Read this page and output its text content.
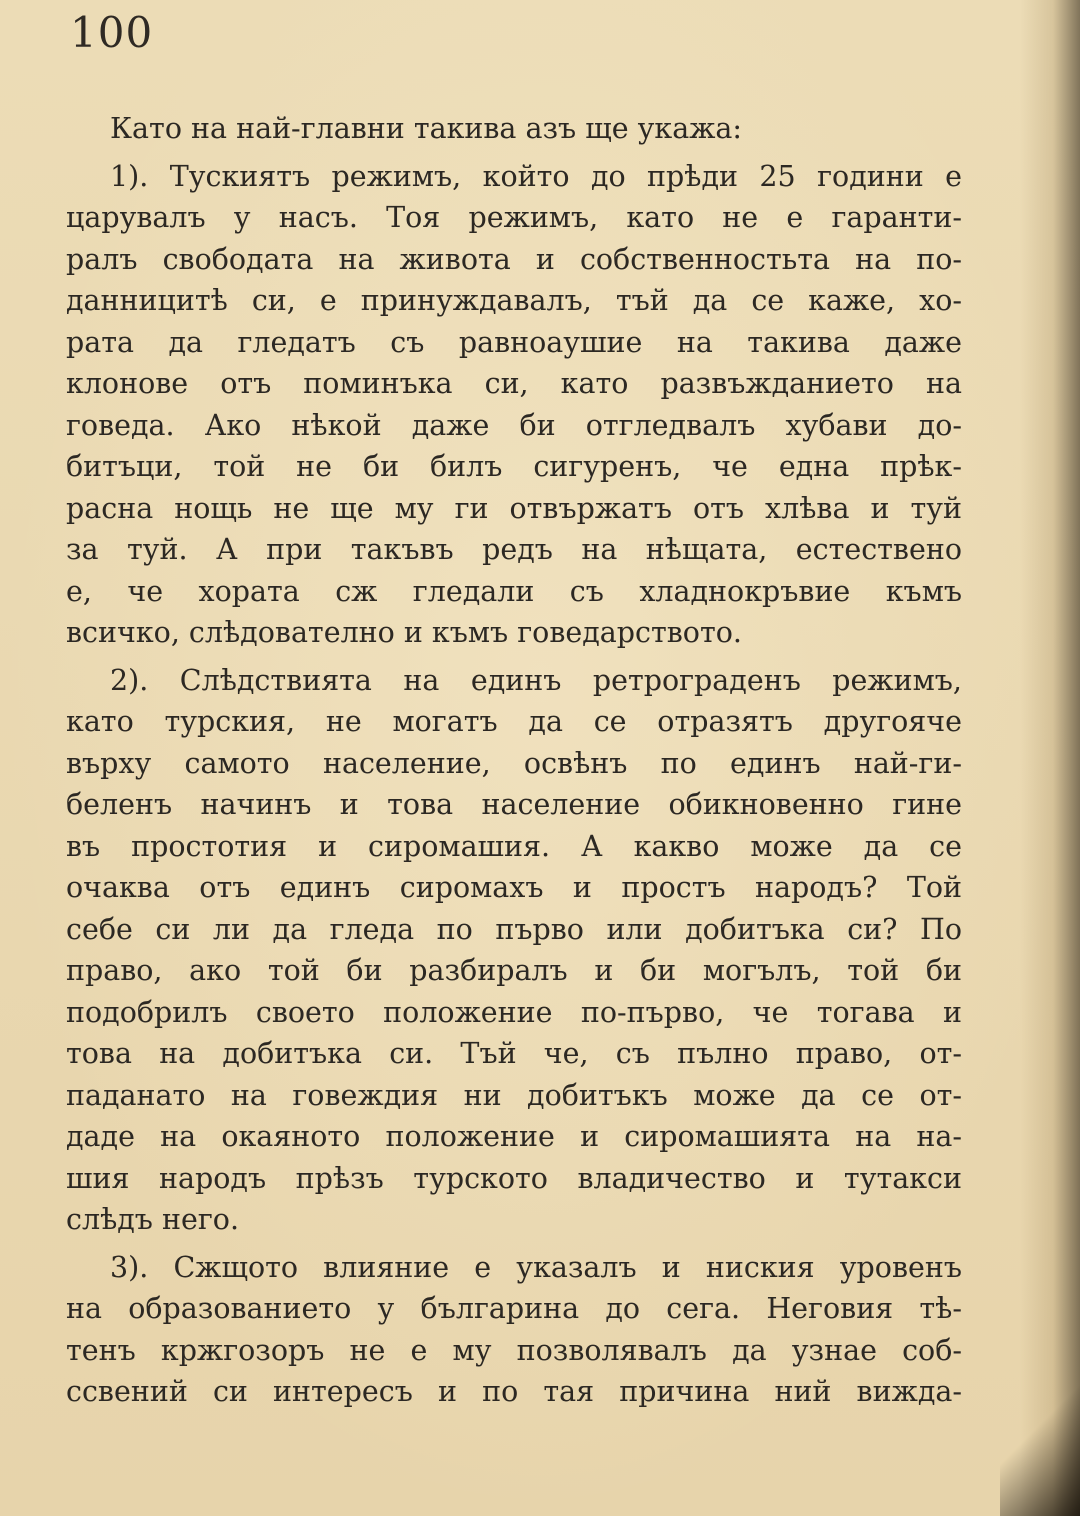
100
Като на най-главни такива азъ ще укажа:
1). Тускиятъ режимъ, който до прѣди 25 години е
царувалъ у насъ. Тоя режимъ, като не е гаранти-
ралъ свободата на живота и собственностьта на по-
данницитѣ си, е принуждавалъ, тъй да се каже, хо-
рата да гледатъ съ равноаушие на такива даже
клонове отъ поминъка си, като развъжданието на
говеда. Ако нѣкой даже би отгледвалъ хубави до-
битъци, той не би билъ сигуренъ, че една прѣк-
расна нощь не ще му ги отвържатъ отъ хлѣва и туй
за туй. А при такъвъ редъ на нѣщата, естествено
е, че хората сж гледали съ хладнокръвие къмъ
всичко, слѣдователно и къмъ говедарството.
2). Слѣдствията на единъ ретрограденъ режимъ,
като турския, не могатъ да се отразятъ другояче
върху самото население, освѣнъ по единъ най-ги-
беленъ начинъ и това население обикновенно гине
въ простотия и сиромашия. А какво може да се
очаква отъ единъ сиромахъ и простъ народъ? Той
себе си ли да гледа по първо или добитъка си? По
право, ако той би разбиралъ и би могълъ, той би
подобрилъ своето положение по-първо, че тогава и
това на добитъка си. Тъй че, съ пълно право, от-
паданато на говеждия ни добитъкъ може да се от-
даде на окаяното положение и сиромашията на на-
шия народъ прѣзъ турското владичество и тутакси
слѣдъ него.
3). Сжщото влияние е указалъ и ниския уровенъ
на образованието у българина до сега. Неговия тѣ-
тенъ кржгозоръ не е му позволявалъ да узнае соб-
ссвений си интересъ и по тая причина ний вижда-
